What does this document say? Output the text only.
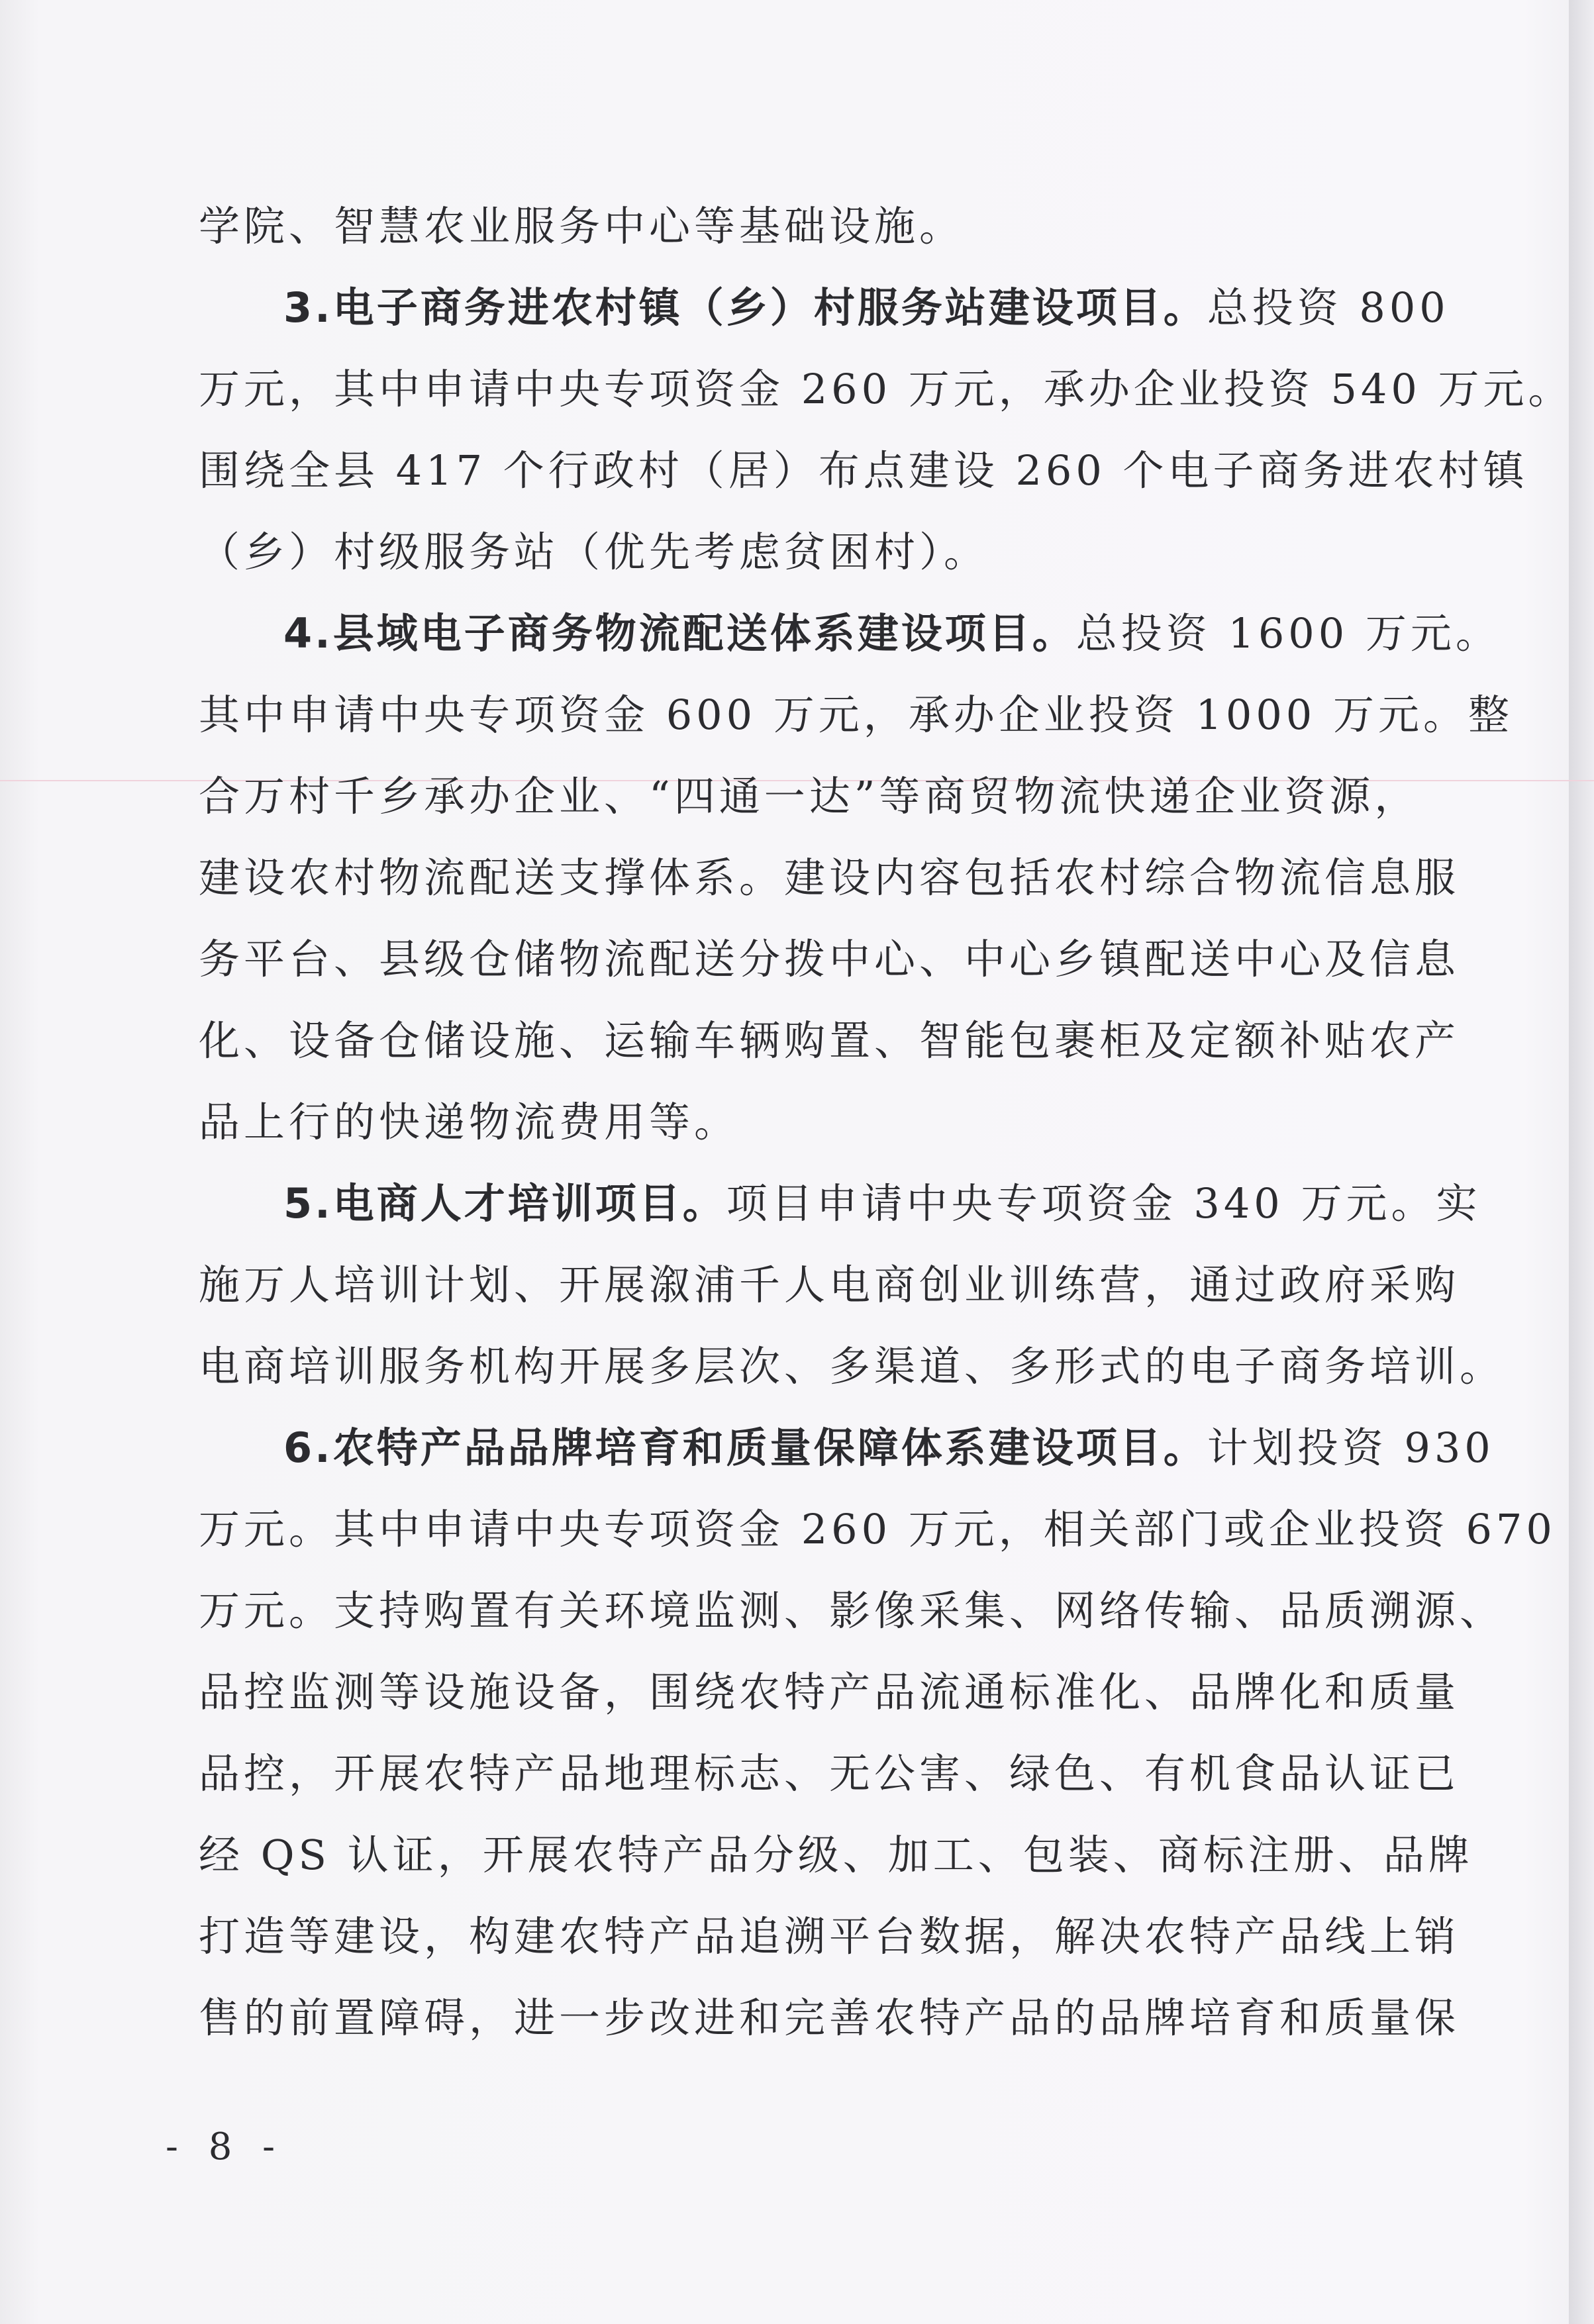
学院、智慧农业服务中心等基础设施。
3.电子商务进农村镇（乡）村服务站建设项目。总投资 800
万元，其中申请中央专项资金 260 万元，承办企业投资 540 万元。
围绕全县 417 个行政村（居）布点建设 260 个电子商务进农村镇
（乡）村级服务站（优先考虑贫困村）。
4.县域电子商务物流配送体系建设项目。总投资 1600 万元。
其中申请中央专项资金 600 万元，承办企业投资 1000 万元。整
合万村千乡承办企业、“四通一达”等商贸物流快递企业资源，
建设农村物流配送支撑体系。建设内容包括农村综合物流信息服
务平台、县级仓储物流配送分拨中心、中心乡镇配送中心及信息
化、设备仓储设施、运输车辆购置、智能包裹柜及定额补贴农产
品上行的快递物流费用等。
5.电商人才培训项目。项目申请中央专项资金 340 万元。实
施万人培训计划、开展溆浦千人电商创业训练营，通过政府采购
电商培训服务机构开展多层次、多渠道、多形式的电子商务培训。
6.农特产品品牌培育和质量保障体系建设项目。计划投资 930
万元。其中申请中央专项资金 260 万元，相关部门或企业投资 670
万元。支持购置有关环境监测、影像采集、网络传输、品质溯源、
品控监测等设施设备，围绕农特产品流通标准化、品牌化和质量
品控，开展农特产品地理标志、无公害、绿色、有机食品认证已
经 QS 认证，开展农特产品分级、加工、包装、商标注册、品牌
打造等建设，构建农特产品追溯平台数据，解决农特产品线上销
售的前置障碍，进一步改进和完善农特产品的品牌培育和质量保
- 8 -
